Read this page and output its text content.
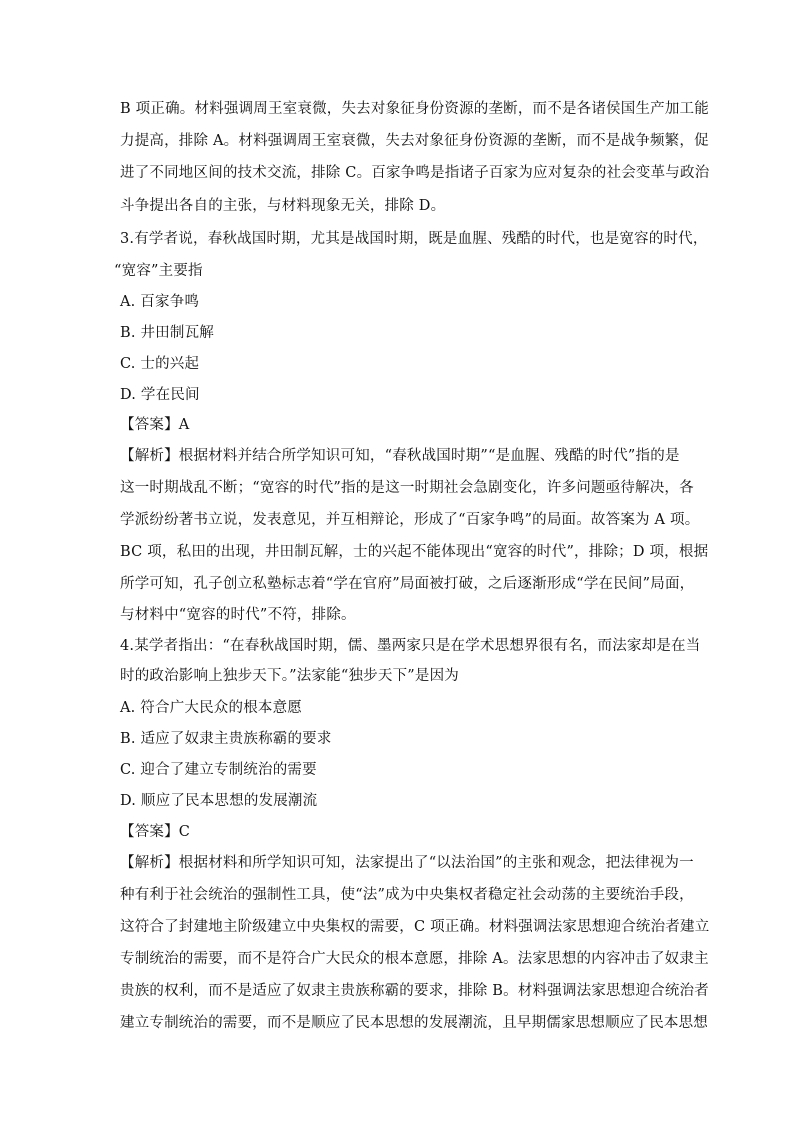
B 项正确。材料强调周王室衰微，失去对象征身份资源的垄断，而不是各诸侯国生产加工能
力提高，排除 A。材料强调周王室衰微，失去对象征身份资源的垄断，而不是战争频繁，促
进了不同地区间的技术交流，排除 C。百家争鸣是指诸子百家为应对复杂的社会变革与政治
斗争提出各自的主张，与材料现象无关，排除 D。
3.有学者说，春秋战国时期，尤其是战国时期，既是血腥、残酷的时代，也是宽容的时代，
“宽容”主要指
A. 百家争鸣
B. 井田制瓦解
C. 士的兴起
D. 学在民间
【答案】A
【解析】根据材料并结合所学知识可知，“春秋战国时期”“是血腥、残酷的时代”指的是
这一时期战乱不断；“宽容的时代”指的是这一时期社会急剧变化，许多问题亟待解决，各
学派纷纷著书立说，发表意见，并互相辩论，形成了“百家争鸣”的局面。故答案为 A 项。
BC 项，私田的出现，井田制瓦解，士的兴起不能体现出“宽容的时代”，排除；D 项，根据
所学可知，孔子创立私塾标志着“学在官府”局面被打破，之后逐渐形成“学在民间”局面，
与材料中“宽容的时代”不符，排除。
4.某学者指出：“在春秋战国时期，儒、墨两家只是在学术思想界很有名，而法家却是在当
时的政治影响上独步天下。”法家能“独步天下”是因为
A. 符合广大民众的根本意愿
B. 适应了奴隶主贵族称霸的要求
C. 迎合了建立专制统治的需要
D. 顺应了民本思想的发展潮流
【答案】C
【解析】根据材料和所学知识可知，法家提出了“以法治国”的主张和观念，把法律视为一
种有利于社会统治的强制性工具，使“法”成为中央集权者稳定社会动荡的主要统治手段，
这符合了封建地主阶级建立中央集权的需要，C 项正确。材料强调法家思想迎合统治者建立
专制统治的需要，而不是符合广大民众的根本意愿，排除 A。法家思想的内容冲击了奴隶主
贵族的权利，而不是适应了奴隶主贵族称霸的要求，排除 B。材料强调法家思想迎合统治者
建立专制统治的需要，而不是顺应了民本思想的发展潮流，且早期儒家思想顺应了民本思想
